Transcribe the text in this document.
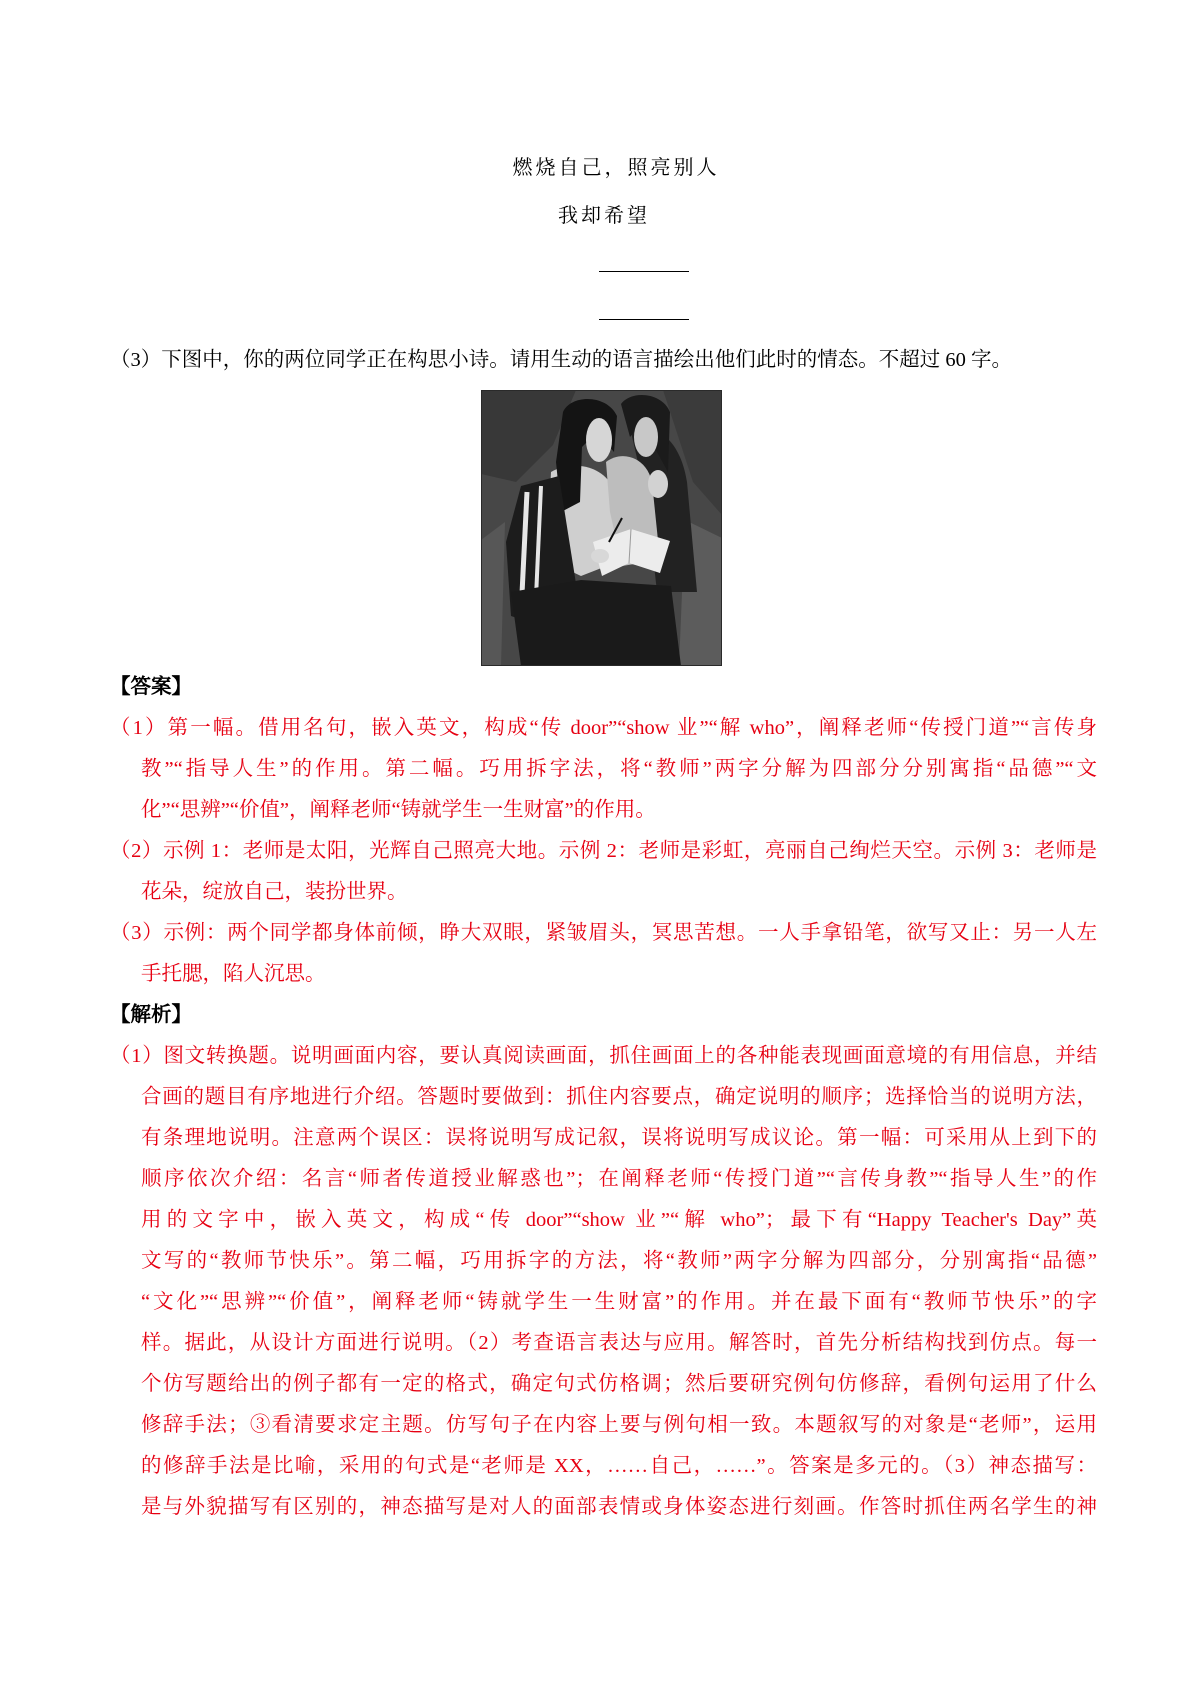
燃烧自己，照亮别人
我却希望
（3）下图中，你的两位同学正在构思小诗。请用生动的语言描绘出他们此时的情态。不超过 60 字。
【答案】
（1）第一幅。借用名句，嵌入英文，构成“传 door”“show 业”“解 who”，阐释老师“传授门道”“言传身
教”“指导人生”的作用。第二幅。巧用拆字法，将“教师”两字分解为四部分分别寓指“品德”“文
化”“思辨”“价值”，阐释老师“铸就学生一生财富”的作用。
（2）示例 1：老师是太阳，光辉自己照亮大地。示例 2：老师是彩虹，亮丽自己绚烂天空。示例 3：老师是
花朵，绽放自己，装扮世界。
（3）示例：两个同学都身体前倾，睁大双眼，紧皱眉头，冥思苦想。一人手拿铅笔，欲写又止：另一人左
手托腮，陷人沉思。
【解析】
（1）图文转换题。说明画面内容，要认真阅读画面，抓住画面上的各种能表现画面意境的有用信息，并结
合画的题目有序地进行介绍。答题时要做到：抓住内容要点，确定说明的顺序；选择恰当的说明方法，
有条理地说明。注意两个误区：误将说明写成记叙，误将说明写成议论。第一幅：可采用从上到下的
顺序依次介绍：名言“师者传道授业解惑也”；在阐释老师“传授门道”“言传身教”“指导人生”的作
用的文字中，嵌入英文，构成“传 door”“show 业”“解 who”；最下有“Happy Teacher's Day”英
文写的“教师节快乐”。第二幅，巧用拆字的方法，将“教师”两字分解为四部分，分别寓指“品德”
“文化”“思辨”“价值”，阐释老师“铸就学生一生财富”的作用。并在最下面有“教师节快乐”的字
样。据此，从设计方面进行说明。（2）考查语言表达与应用。解答时，首先分析结构找到仿点。每一
个仿写题给出的例子都有一定的格式，确定句式仿格调；然后要研究例句仿修辞，看例句运用了什么
修辞手法；③看清要求定主题。仿写句子在内容上要与例句相一致。本题叙写的对象是“老师”，运用
的修辞手法是比喻，采用的句式是“老师是 XX，……自己，……”。答案是多元的。（3）神态描写：
是与外貌描写有区别的，神态描写是对人的面部表情或身体姿态进行刻画。作答时抓住两名学生的神
